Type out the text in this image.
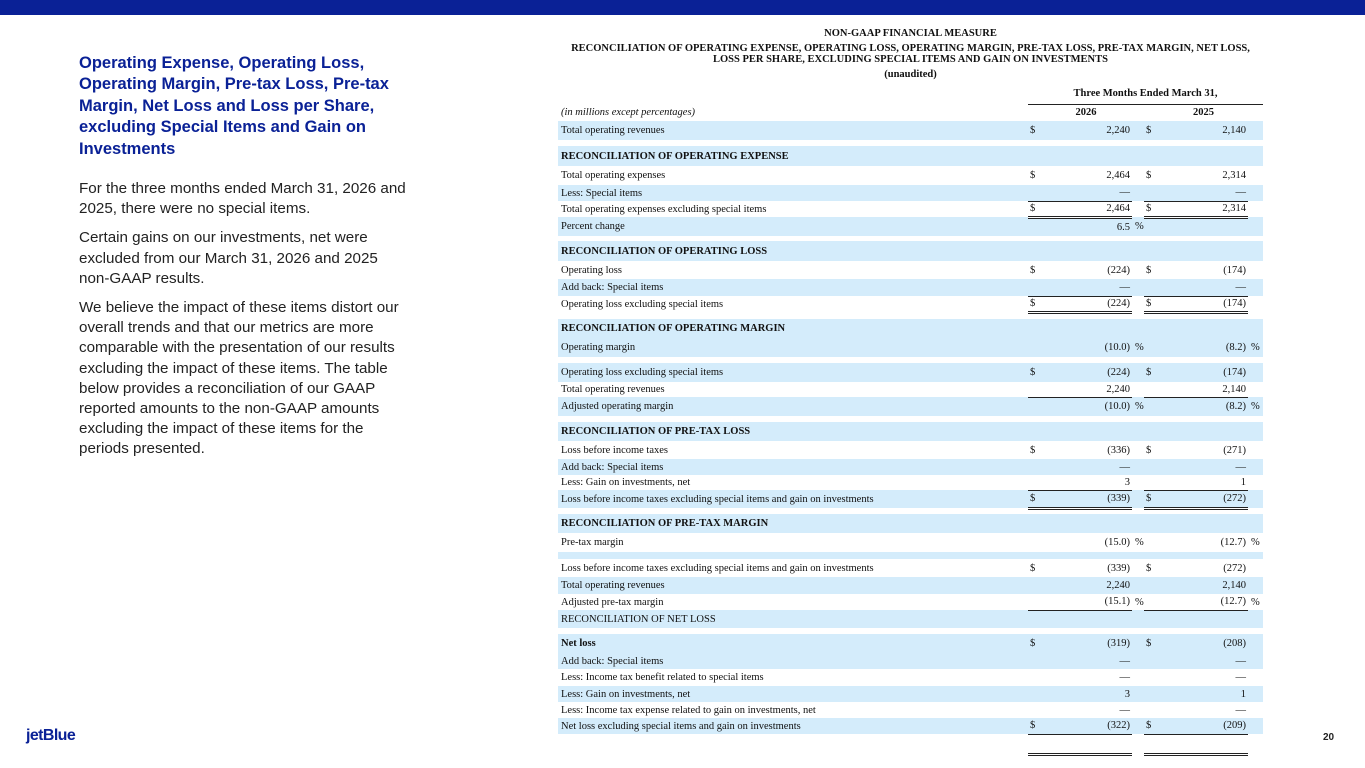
Operating Expense, Operating Loss, Operating Margin, Pre-tax Loss, Pre-tax Margin, Net Loss and Loss per Share, excluding Special Items and Gain on Investments

For the three months ended March 31, 2026 and 2025, there were no special items.

Certain gains on our investments, net were excluded from our March 31, 2026 and 2025 non-GAAP results.

We believe the impact of these items distort our overall trends and that our metrics are more comparable with the presentation of our results excluding the impact of these items. The table below provides a reconciliation of our GAAP reported amounts to the non-GAAP amounts excluding the impact of these items for the periods presented.

NON-GAAP FINANCIAL MEASURE
RECONCILIATION OF OPERATING EXPENSE, OPERATING LOSS, OPERATING MARGIN, PRE-TAX LOSS, PRE-TAX MARGIN, NET LOSS, LOSS PER SHARE, EXCLUDING SPECIAL ITEMS AND GAIN ON INVESTMENTS
(unaudited)
	Three Months Ended March 31,					
(in millions except percentages)	2026			2025		
Total operating revenues	$	2,240		$	2,140	

RECONCILIATION OF OPERATING EXPENSE						
Total operating expenses	$	2,464		$	2,314	
Less: Special items		—			—	
Total operating expenses excluding special items	$	2,464		$	2,314	
Percent change		6.5	%			

RECONCILIATION OF OPERATING LOSS						
Operating loss	$	(224)		$	(174)	
Add back: Special items		—			—	
Operating loss excluding special items	$	(224)		$	(174)	

RECONCILIATION OF OPERATING MARGIN						
Operating margin		(10.0)	%		(8.2)	%

Operating loss excluding special items	$	(224)		$	(174)	
Total operating revenues		2,240			2,140	
Adjusted operating margin		(10.0)	%		(8.2)	%

RECONCILIATION OF PRE-TAX LOSS						
Loss before income taxes	$	(336)		$	(271)	
Add back: Special items		—			—	
Less: Gain on investments, net		3			1	
Loss before income taxes excluding special items and gain on investments	$	(339)		$	(272)	

RECONCILIATION OF PRE-TAX MARGIN						
Pre-tax margin		(15.0)	%		(12.7)	%

Loss before income taxes excluding special items and gain on investments	$	(339)		$	(272)	
Total operating revenues		2,240			2,140	
Adjusted pre-tax margin		(15.1)	%		(12.7)	%
RECONCILIATION OF NET LOSS						

Net loss	$	(319)		$	(208)	
Add back: Special items		—			—	
Less: Income tax benefit related to special items		—			—	
Less: Gain on investments, net		3			1	
Less: Income tax expense related to gain on investments, net		—			—	
Net loss excluding special items and gain on investments	$	(322)		$	(209)	

jetBlue	20
